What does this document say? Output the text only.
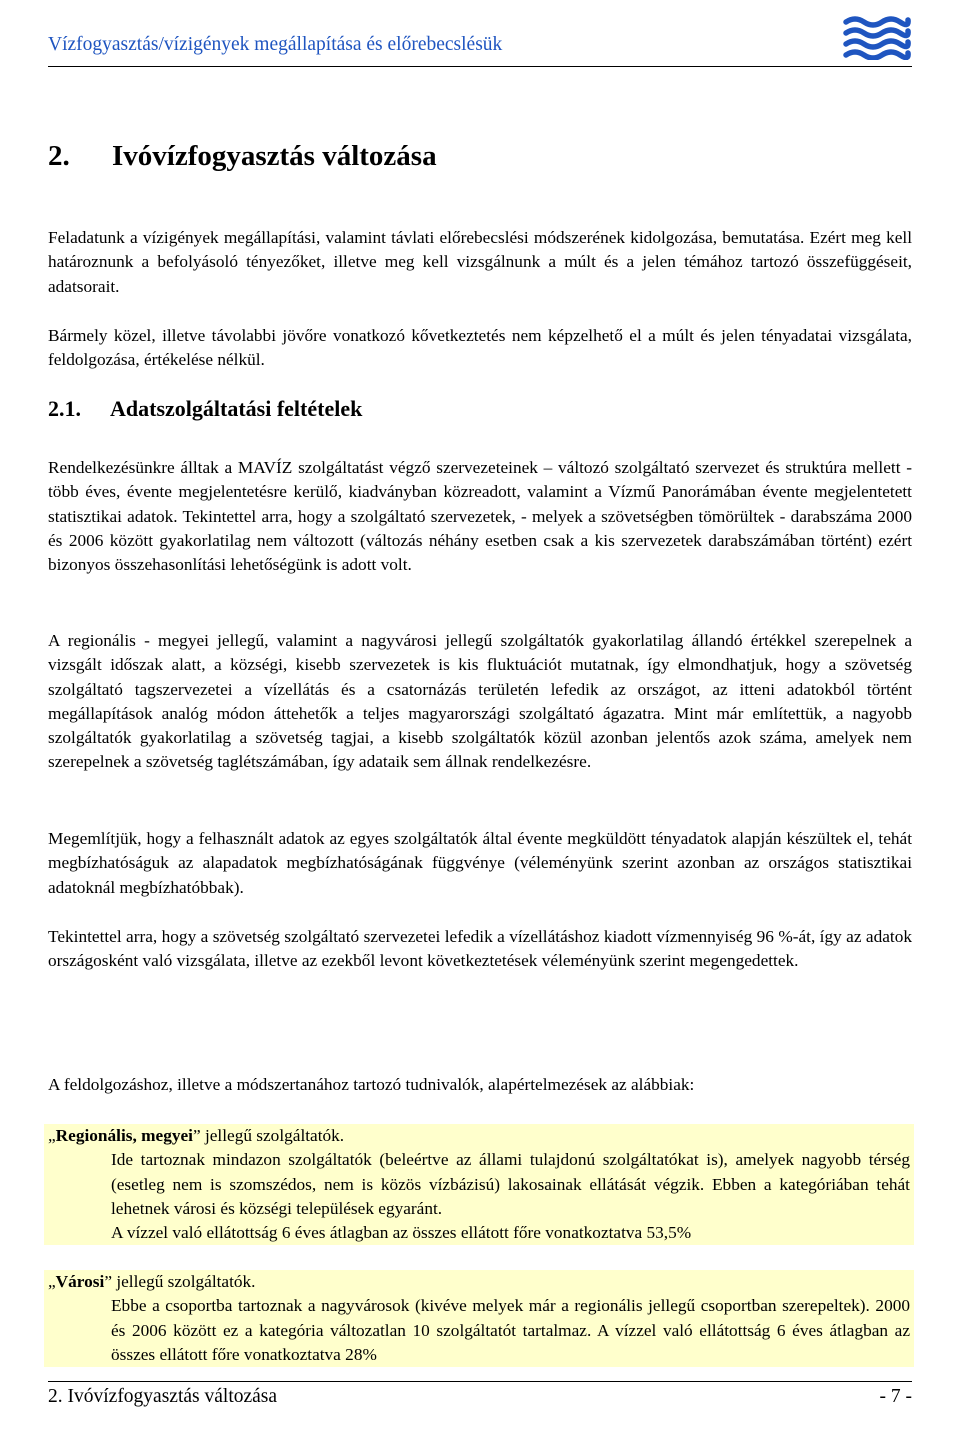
Vízfogyasztás/vízigények megállapítása és előrebecslésük
2. Ivóvízfogyasztás változása

Feladatunk a vízigények megállapítási, valamint távlati előrebecslési módszerének kidolgozása, bemutatása. Ezért meg kell határoznunk a befolyásoló tényezőket, illetve meg kell vizsgálnunk a múlt és a jelen témához tartozó összefüggéseit, adatsorait.

Bármely közel, illetve távolabbi jövőre vonatkozó kővetkeztetés nem képzelhető el a múlt és jelen tényadatai vizsgálata, feldolgozása, értékelése nélkül.

2.1. Adatszolgáltatási feltételek

Rendelkezésünkre álltak a MAVÍZ szolgáltatást végző szervezeteinek – változó szolgáltató szervezet és struktúra mellett - több éves, évente megjelentetésre kerülő, kiadványban közreadott, valamint a Vízmű Panorámában évente megjelentetett statisztikai adatok. Tekintettel arra, hogy a szolgáltató szervezetek, - melyek a szövetségben tömörültek - darabszáma 2000 és 2006 között gyakorlatilag nem változott (változás néhány esetben csak a kis szervezetek darabszámában történt) ezért bizonyos összehasonlítási lehetőségünk is adott volt.

A regionális - megyei jellegű, valamint a nagyvárosi jellegű szolgáltatók gyakorlatilag állandó értékkel szerepelnek a vizsgált időszak alatt, a községi, kisebb szervezetek is kis fluktuációt mutatnak, így elmondhatjuk, hogy a szövetség szolgáltató tagszervezetei a vízellátás és a csatornázás területén lefedik az országot, az itteni adatokból történt megállapítások analóg módon áttehetők a teljes magyarországi szolgáltató ágazatra. Mint már említettük, a nagyobb szolgáltatók gyakorlatilag a szövetség tagjai, a kisebb szolgáltatók közül azonban jelentős azok száma, amelyek nem szerepelnek a szövetség taglétszámában, így adataik sem állnak rendelkezésre.

Megemlítjük, hogy a felhasznált adatok az egyes szolgáltatók által évente megküldött tényadatok alapján készültek el, tehát megbízhatóságuk az alapadatok megbízhatóságának függvénye (véleményünk szerint azonban az országos statisztikai adatoknál megbízhatóbbak).

Tekintettel arra, hogy a szövetség szolgáltató szervezetei lefedik a vízellátáshoz kiadott vízmennyiség 96 %-át, így az adatok országosként való vizsgálata, illetve az ezekből levont következtetések véleményünk szerint megengedettek.

A feldolgozáshoz, illetve a módszertanához tartozó tudnivalók, alapértelmezések az alábbiak:

„Regionális, megyei” jellegű szolgáltatók.
Ide tartoznak mindazon szolgáltatók (beleértve az állami tulajdonú szolgáltatókat is), amelyek nagyobb térség (esetleg nem is szomszédos, nem is közös vízbázisú) lakosainak ellátását végzik. Ebben a kategóriában tehát lehetnek városi és községi települések egyaránt.
A vízzel való ellátottság 6 éves átlagban az összes ellátott főre vonatkoztatva 53,5%
„Városi” jellegű szolgáltatók.
Ebbe a csoportba tartoznak a nagyvárosok (kivéve melyek már a regionális jellegű csoportban szerepeltek). 2000 és 2006 között ez a kategória változatlan 10 szolgáltatót tartalmaz. A vízzel való ellátottság 6 éves átlagban az összes ellátott főre vonatkoztatva 28%
2. Ivóvízfogyasztás változása	- 7 -
